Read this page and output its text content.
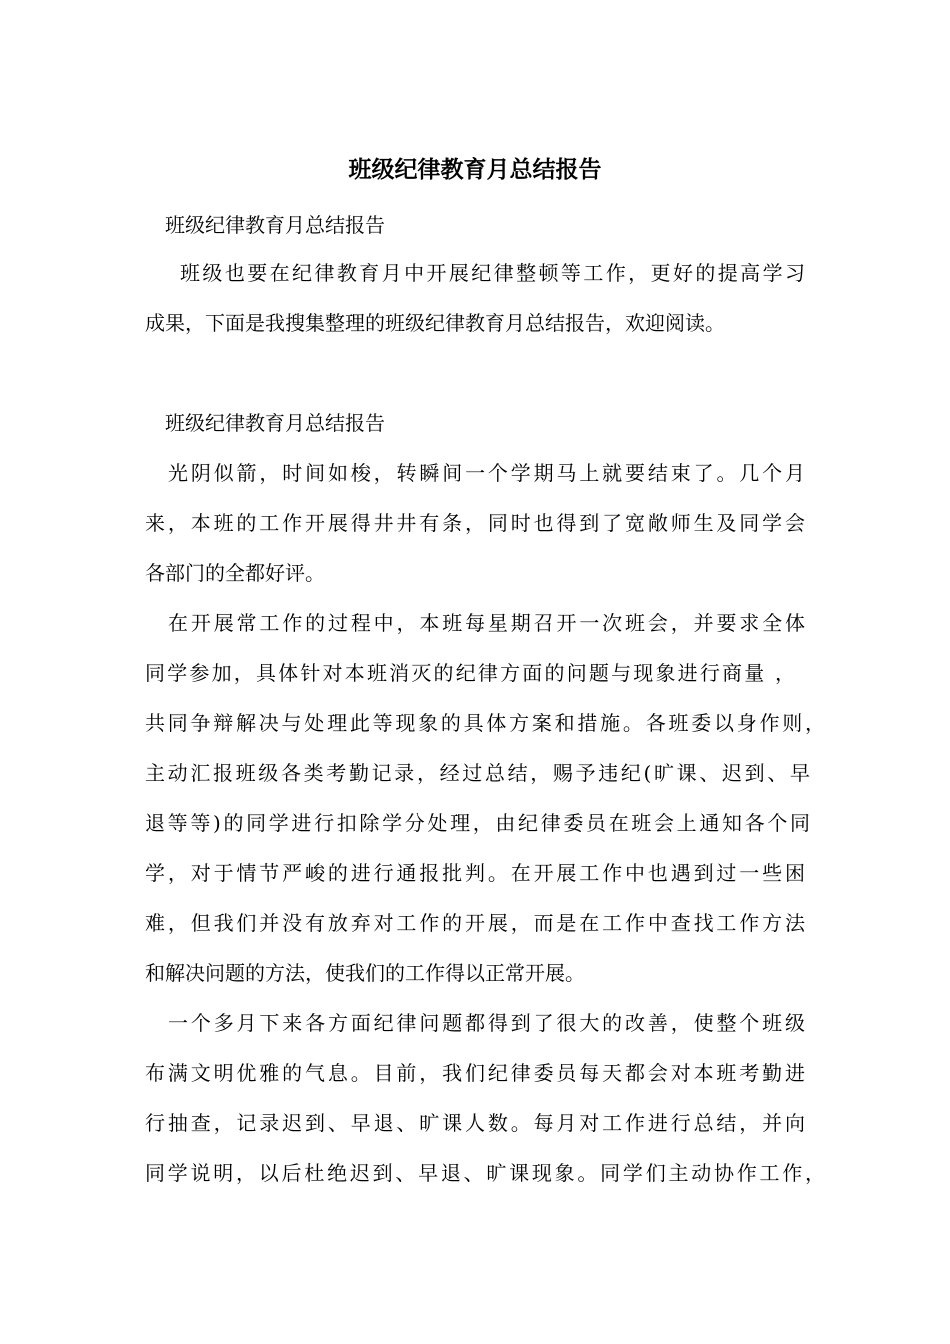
班级纪律教育月总结报告

班级纪律教育月总结报告

班级也要在纪律教育月中开展纪律整顿等工作，更好的提高学习

成果，下面是我搜集整理的班级纪律教育月总结报告，欢迎阅读。

班级纪律教育月总结报告

光阴似箭，时间如梭，转瞬间一个学期马上就要结束了。几个月

来，本班的工作开展得井井有条，同时也得到了宽敞师生及同学会

各部门的全都好评。

在开展常工作的过程中，本班每星期召开一次班会，并要求全体

同学参加，具体针对本班消灭的纪律方面的问题与现象进行商量 ，

共同争辩解决与处理此等现象的具体方案和措施。各班委以身作则，

主动汇报班级各类考勤记录，经过总结，赐予违纪(旷课、迟到、早

退等等)的同学进行扣除学分处理，由纪律委员在班会上通知各个同

学，对于情节严峻的进行通报批判。在开展工作中也遇到过一些困

难，但我们并没有放弃对工作的开展，而是在工作中查找工作方法

和解决问题的方法，使我们的工作得以正常开展。

一个多月下来各方面纪律问题都得到了很大的改善，使整个班级

布满文明优雅的气息。目前，我们纪律委员每天都会对本班考勤进

行抽查，记录迟到、早退、旷课人数。每月对工作进行总结，并向

同学说明，以后杜绝迟到、早退、旷课现象。同学们主动协作工作，
